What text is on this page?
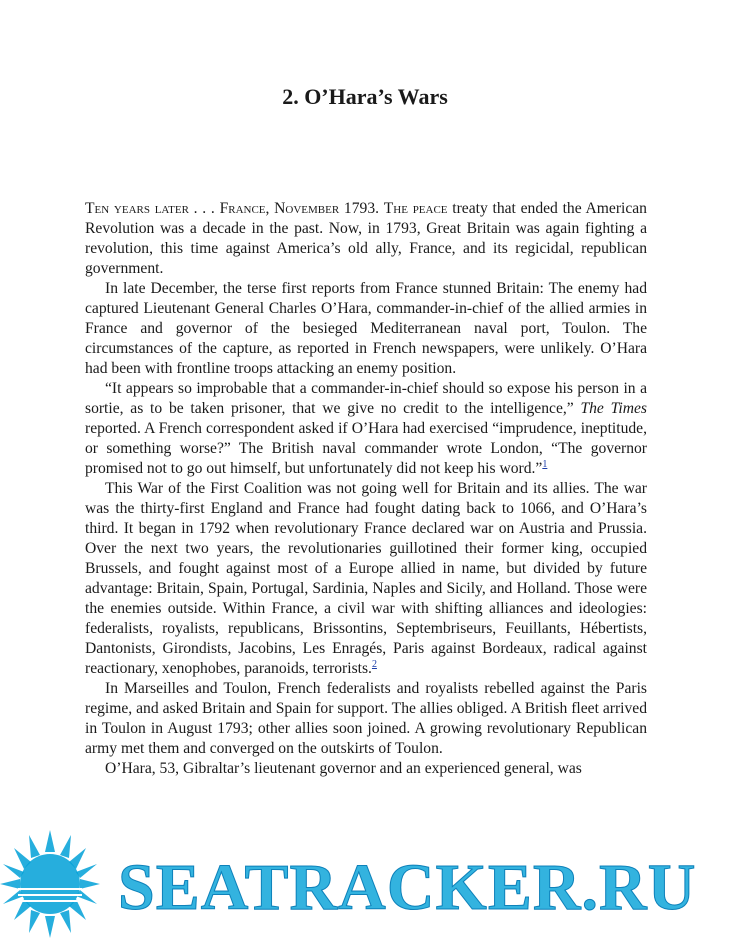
2. O’Hara’s Wars

Ten years later . . . France, November 1793. The peace treaty that ended the American Revolution was a decade in the past. Now, in 1793, Great Britain was again fighting a revolution, this time against America’s old ally, France, and its regicidal, republican government.

In late December, the terse first reports from France stunned Britain: The enemy had captured Lieutenant General Charles O’Hara, commander-in-chief of the allied armies in France and governor of the besieged Mediterranean naval port, Toulon. The circumstances of the capture, as reported in French newspapers, were unlikely. O’Hara had been with frontline troops attacking an enemy position.

“It appears so improbable that a commander-in-chief should so expose his person in a sortie, as to be taken prisoner, that we give no credit to the intelligence,” The Times reported. A French correspondent asked if O’Hara had exercised “imprudence, ineptitude, or something worse?” The British naval commander wrote London, “The governor promised not to go out himself, but unfortunately did not keep his word.”$^1$

This War of the First Coalition was not going well for Britain and its allies. The war was the thirty-first England and France had fought dating back to 1066, and O’Hara’s third. It began in 1792 when revolutionary France declared war on Austria and Prussia. Over the next two years, the revolutionaries guillotined their former king, occupied Brussels, and fought against most of a Europe allied in name, but divided by future advantage: Britain, Spain, Portugal, Sardinia, Naples and Sicily, and Holland. Those were the enemies outside. Within France, a civil war with shifting alliances and ideologies: federalists, royalists, republicans, Brissontins, Septembriseurs, Feuillants, Hébertists, Dantonists, Girondists, Jacobins, Les Enragés, Paris against Bordeaux, radical against reactionary, xenophobes, paranoids, terrorists.$^2$

In Marseilles and Toulon, French federalists and royalists rebelled against the Paris regime, and asked Britain and Spain for support. The allies obliged. A British fleet arrived in Toulon in August 1793; other allies soon joined. A growing revolutionary Republican army met them and converged on the outskirts of Toulon.

O’Hara, 53, Gibraltar’s lieutenant governor and an experienced general, was

SEATRACKER.RU
